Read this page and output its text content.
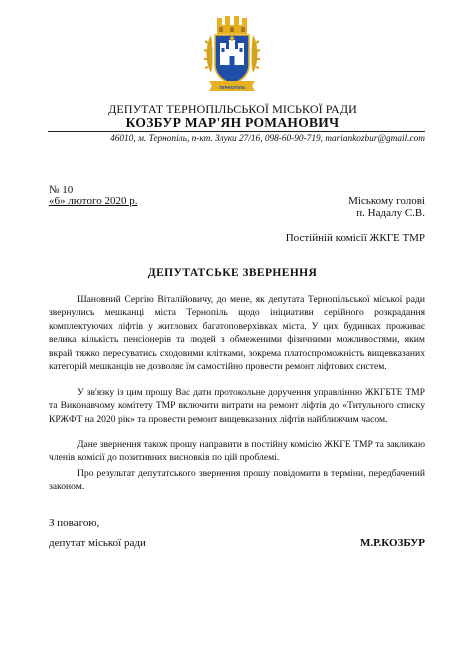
ТЕРНОПІЛЬ
ДЕПУТАТ ТЕРНОПІЛЬСЬКОЇ МІСЬКОЇ РАДИ
КОЗБУР МАР'ЯН РОМАНОВИЧ
46010, м. Тернопіль, п-кт. Злуки 27/16, 098-60-90-719, mariankozbur@gmail.com
№ 10
«6» лютого 2020 р.	Міському голові
п. Надалу С.В.
Постійній комісії ЖКГЕ ТМР
ДЕПУТАТСЬКЕ ЗВЕРНЕННЯ
Шановний Сергію Віталійовичу, до мене, як депутата Тернопільської міської ради звернулись мешканці міста Тернопіль щодо ініциативи серійного розкрадання комплектуючих ліфтів у житлових багатоповерхівках міста. У цих будинках проживає велика кількість пенсіонерів та людей з обмеженими фізичними можливостями, яким вкрай тяжко пересуватись сходовими клітками, зокрема платоспроможність вищевказаних категорій мешканців не дозволяє їм самостійно провести ремонт ліфтових систем.
У зв'язку із цим прошу Вас дати протокольне доручення управлінню ЖКГБТЕ ТМР та Виконавчому комітету ТМР включити витрати на ремонт ліфтів до «Титульного списку КРЖФТ на 2020 рік» та провести ремонт вищевказаних ліфтів найближчим часом.
Дане звернення також прошу направити в постійну комісію ЖКГЕ ТМР та закликаю членів комісії до позитивних висновків по цій проблемі.
Про результат депутатського звернення прошу повідомити в терміни, передбачений законом.
З повагою,
депутат міської ради	М.Р.КОЗБУР
